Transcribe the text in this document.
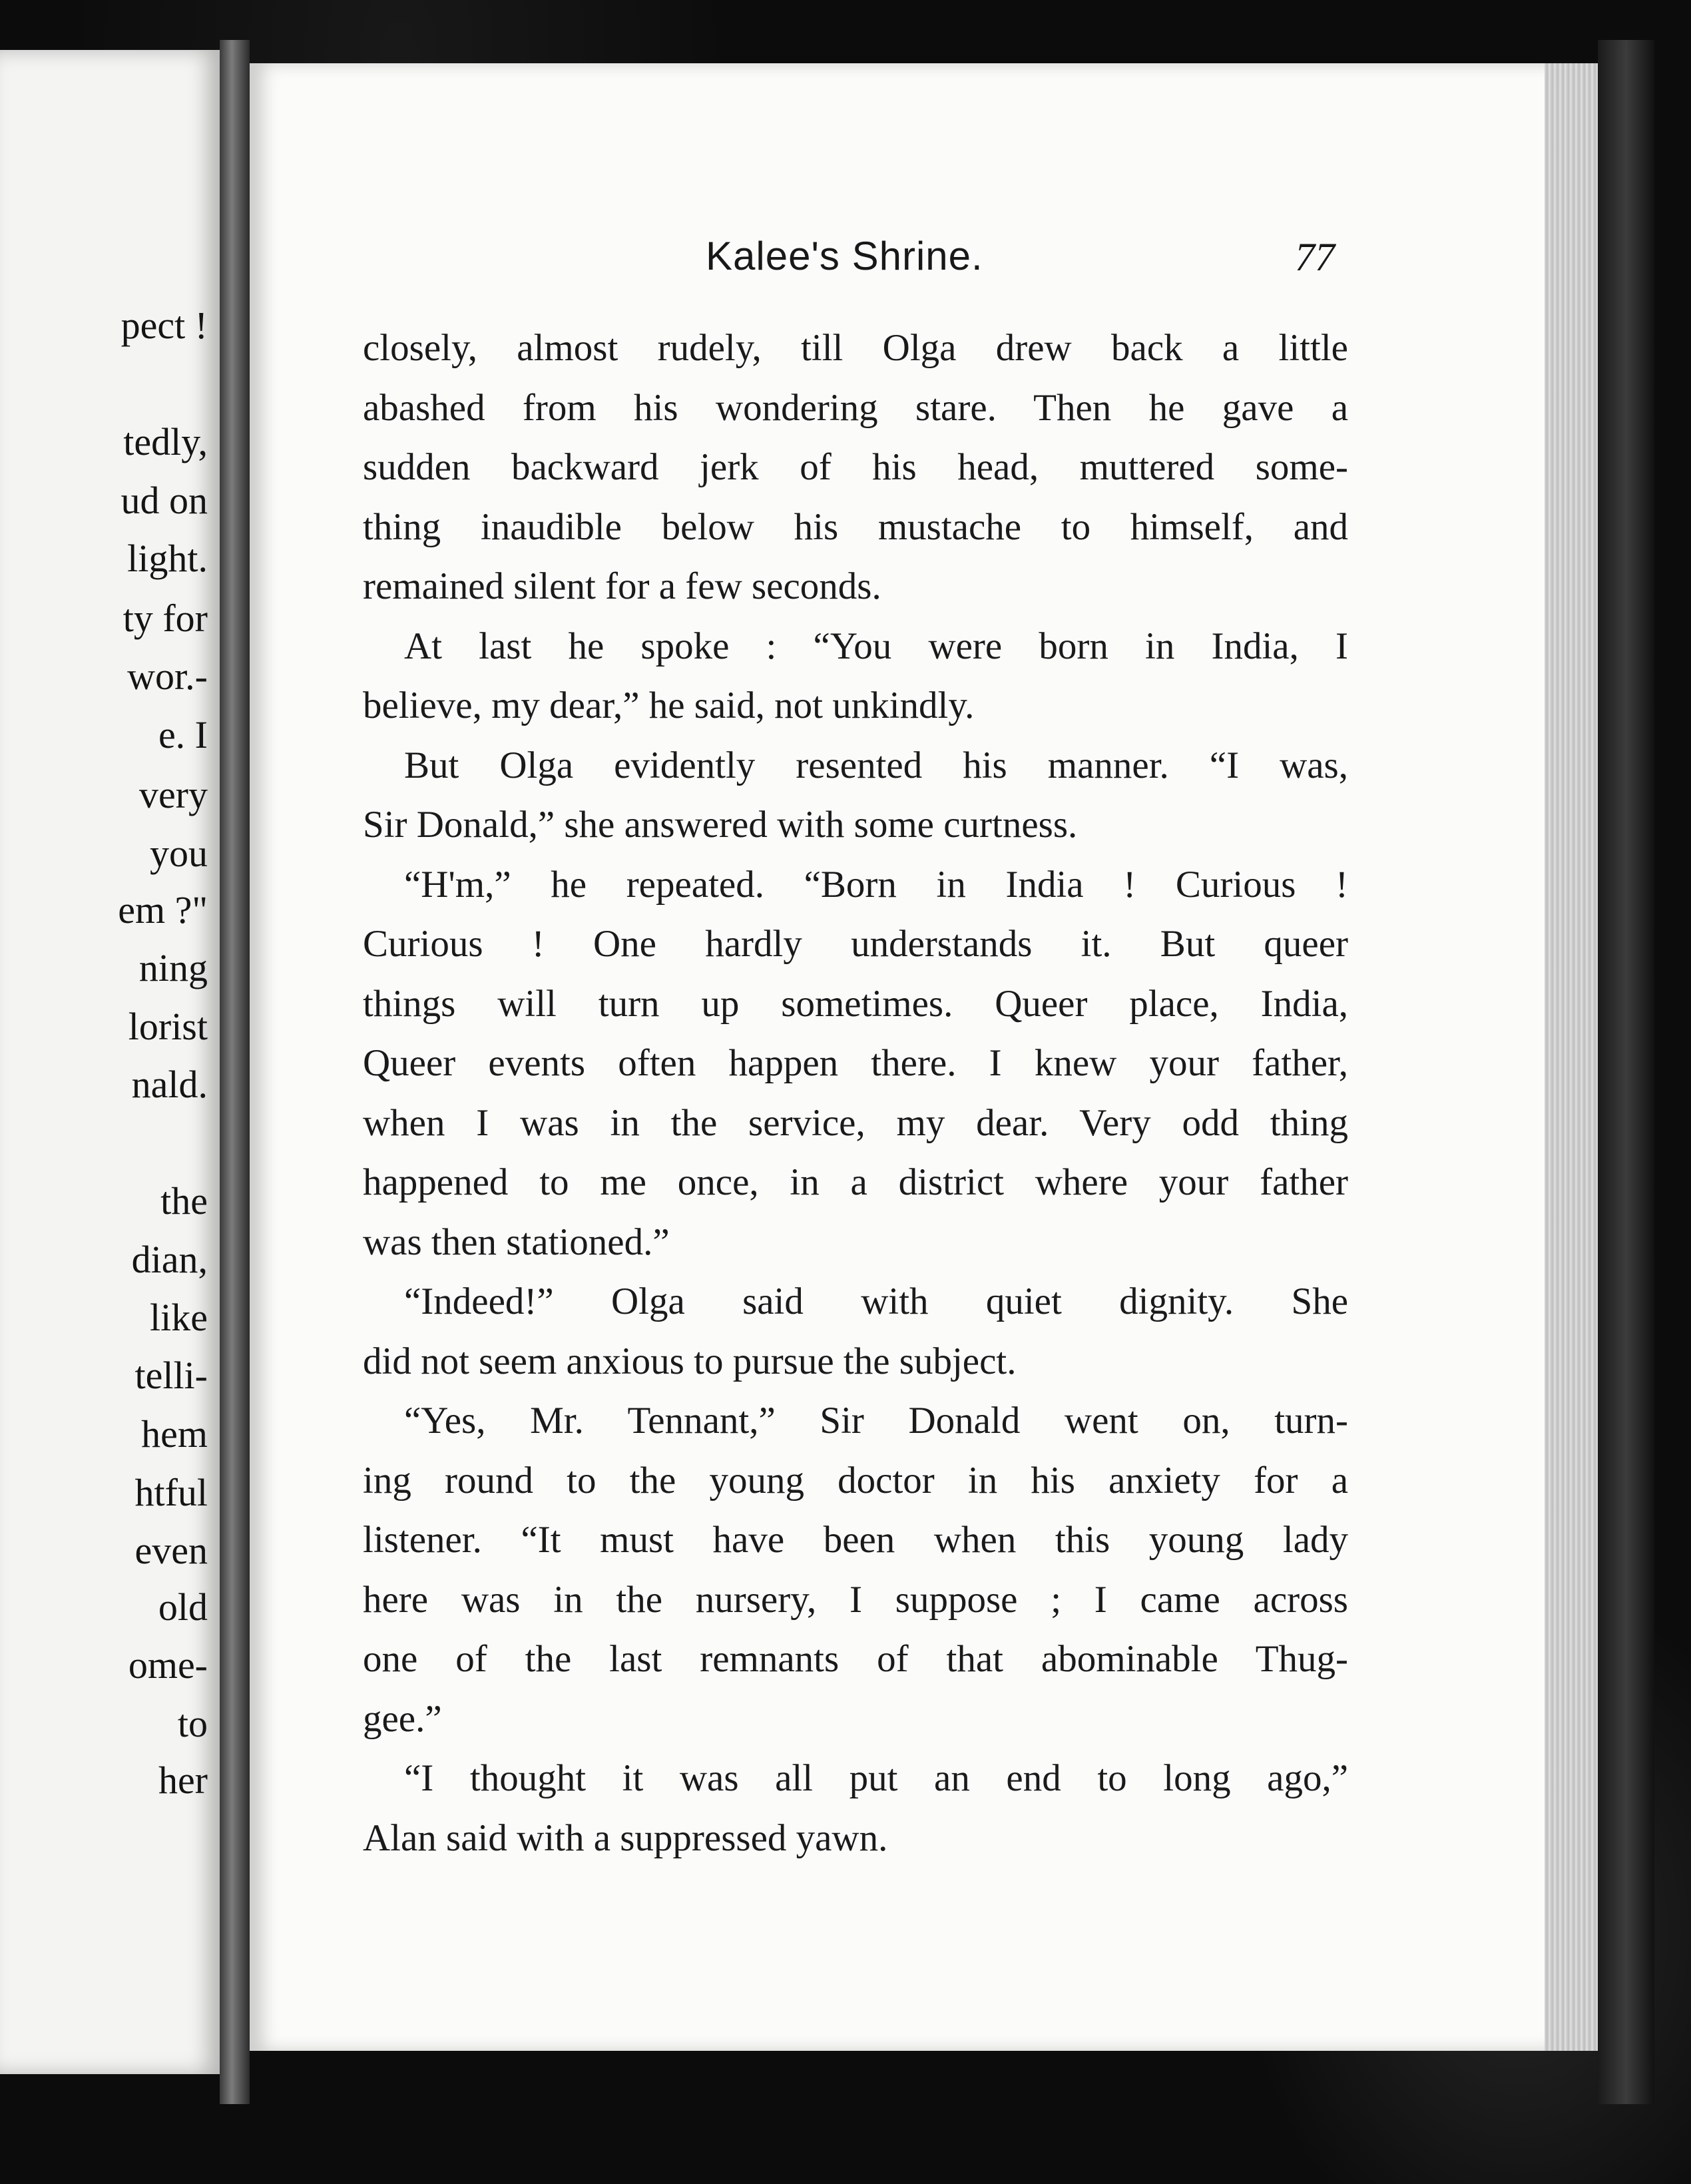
pect !
tedly,
ud on
light.
ty for
wor.-
e. I
very
you
em ?"
ning
lorist
nald.
the
dian,
like
telli-
hem
htful
even
old
ome-
to
her
Kalee's Shrine.	77
closely, almost rudely, till Olga drew back a little
abashed from his wondering stare. Then he gave a
sudden backward jerk of his head, muttered some-
thing inaudible below his mustache to himself, and
remained silent for a few seconds.
At last he spoke : “You were born in India, I
believe, my dear,” he said, not unkindly.
But Olga evidently resented his manner. “I was,
Sir Donald,” she answered with some curtness.
“H'm,” he repeated. “Born in India ! Curious !
Curious ! One hardly understands it. But queer
things will turn up sometimes. Queer place, India,
Queer events often happen there. I knew your father,
when I was in the service, my dear. Very odd thing
happened to me once, in a district where your father
was then stationed.”
“Indeed!” Olga said with quiet dignity. She
did not seem anxious to pursue the subject.
“Yes, Mr. Tennant,” Sir Donald went on, turn-
ing round to the young doctor in his anxiety for a
listener. “It must have been when this young lady
here was in the nursery, I suppose ; I came across
one of the last remnants of that abominable Thug-
gee.”
“I thought it was all put an end to long ago,”
Alan said with a suppressed yawn.
